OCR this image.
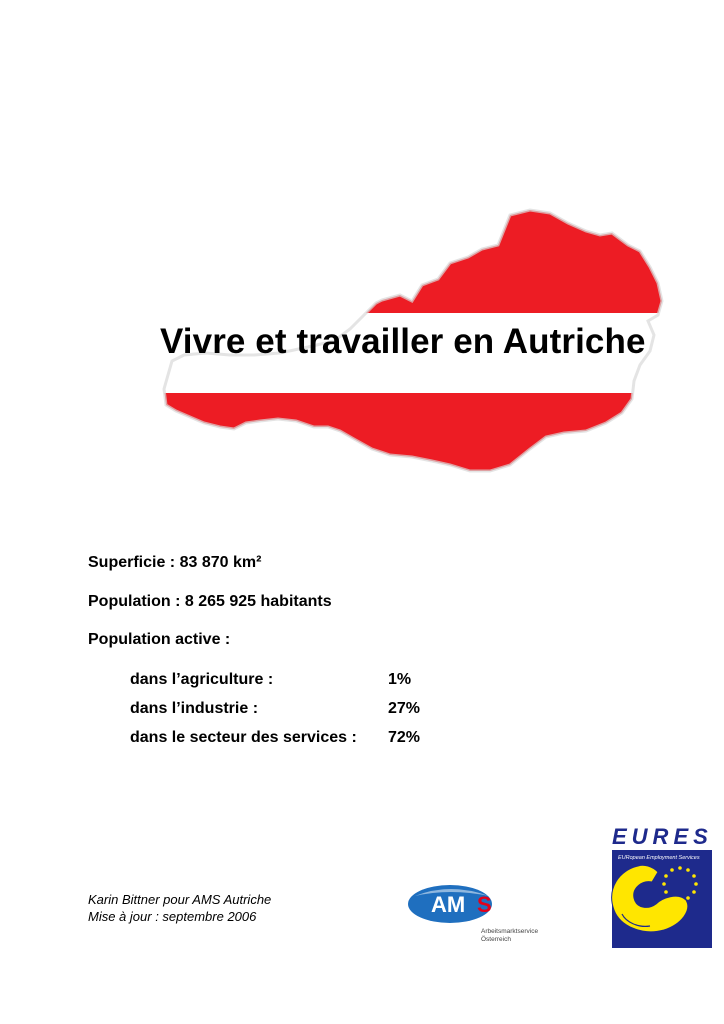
Vivre et travailler en Autriche
Superficie : 83 870 km²
Population : 8 265 925 habitants
Population active :
dans l’agriculture :	1%
dans l’industrie :	27%
dans le secteur des services : 72%
Karin Bittner pour AMS Autriche
Mise à jour : septembre 2006	AM S
Arbeitsmarktservice
Österreich
EURES
EURopean Employment Services
